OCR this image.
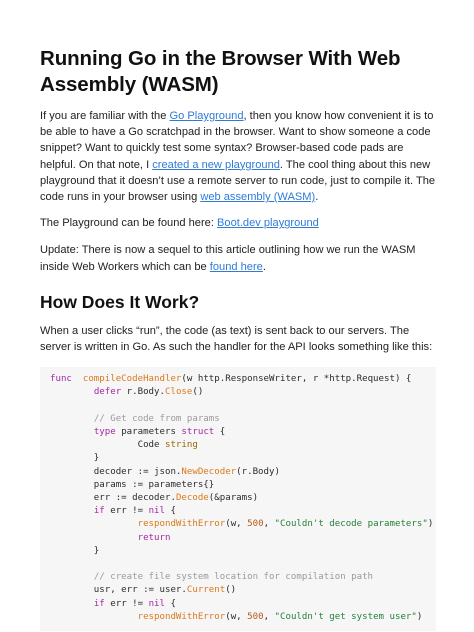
Running Go in the Browser With Web Assembly (WASM)

If you are familiar with the Go Playground, then you know how convenient it is to be able to have a Go scratchpad in the browser. Want to show someone a code snippet? Want to quickly test some syntax? Browser-based code pads are helpful. On that note, I created a new playground. The cool thing about this new playground that it doesn’t use a remote server to run code, just to compile it. The code runs in your browser using web assembly (WASM).

The Playground can be found here: Boot.dev playground

Update: There is now a sequel to this article outlining how we run the WASM inside Web Workers which can be found here.

How Does It Work?

When a user clicks “run”, the code (as text) is sent back to our servers. The server is written in Go. As such the handler for the API looks something like this:

func compileCodeHandler(w http.ResponseWriter, r *http.Request) {
defer r.Body.Close()

// Get code from params
type parameters struct {
Code string
}
decoder := json.NewDecoder(r.Body)
params := parameters{}
err := decoder.Decode(&params)
if err != nil {
respondWithError(w, 500, "Couldn't decode parameters")
return
}

// create file system location for compilation path
usr, err := user.Current()
if err != nil {
respondWithError(w, 500, "Couldn't get system user")
